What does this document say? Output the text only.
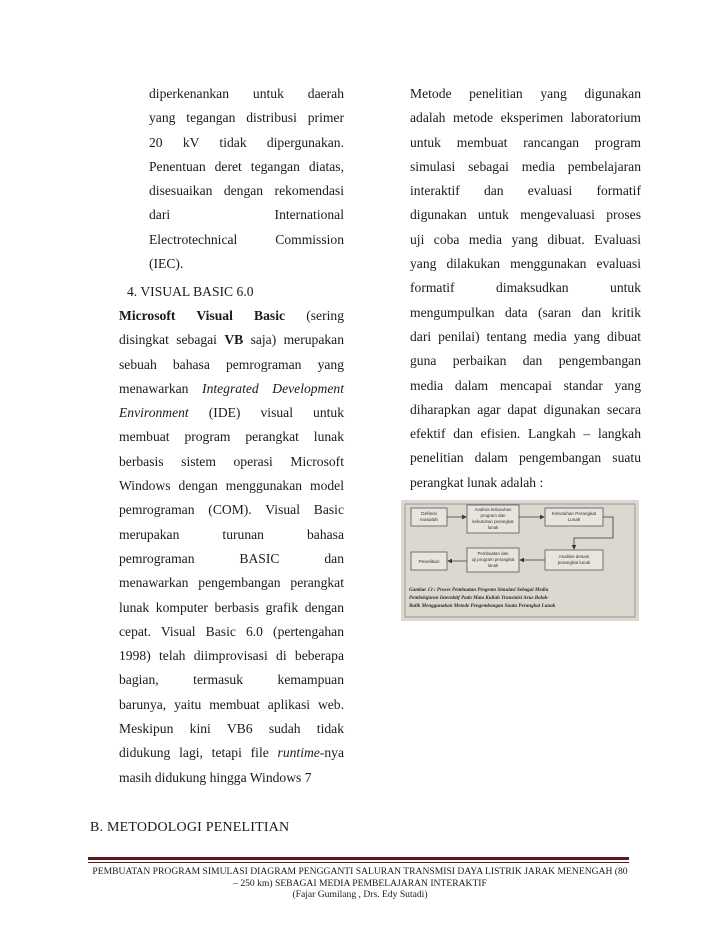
diperkenankan untuk daerah
yang tegangan distribusi primer
20 kV tidak dipergunakan.
Penentuan deret tegangan diatas,
disesuaikan dengan rekomendasi
dari International
Electrotechnical Commission
(IEC).
4. VISUAL BASIC 6.0
Microsoft Visual Basic (sering
disingkat sebagai VB saja) merupakan
sebuah bahasa pemrograman yang
menawarkan Integrated Development
Environment (IDE) visual untuk
membuat program perangkat lunak
berbasis sistem operasi Microsoft
Windows dengan menggunakan model
pemrograman (COM). Visual Basic
merupakan turunan bahasa
pemrograman BASIC dan
menawarkan pengembangan perangkat
lunak komputer berbasis grafik dengan
cepat. Visual Basic 6.0 (pertengahan
1998) telah diimprovisasi di beberapa
bagian, termasuk kemampuan
barunya, yaitu membuat aplikasi web.
Meskipun kini VB6 sudah tidak
didukung lagi, tetapi file runtime-nya
masih didukung hingga Windows 7
Metode penelitian yang digunakan
adalah metode eksperimen laboratorium
untuk membuat rancangan program
simulasi sebagai media pembelajaran
interaktif dan evaluasi formatif
digunakan untuk mengevaluasi proses
uji coba media yang dibuat. Evaluasi
yang dilakukan menggunakan evaluasi
formatif dimaksudkan untuk
mengumpulkan data (saran dan kritik
dari penilai) tentang media yang dibuat
guna perbaikan dan pengembangan
media dalam mencapai standar yang
diharapkan agar dapat digunakan secara
efektif dan efisien. Langkah – langkah
penelitian dalam pengembangan suatu
perangkat lunak adalah :
Definisi
masalah
Analisis kebutuhan
program dan
kebutuhan perangkat
lunak
Kebutuhan Perangkat
Lunak
Penelitian
Pembuatan dan
uji program perangkat
lunak
Analisis desain
perangkat lunak
Gambar 13 : Proses Pembuatan Program Simulasi Sebagai Media
Pembelajaran Interaktif Pada Mata Kuliah Transmisi Arus Bolak-
Balik Menggunakan Metode Pengembangan Suatu Perangkat Lunak
B. METODOLOGI PENELITIAN
PEMBUATAN PROGRAM SIMULASI DIAGRAM PENGGANTI SALURAN TRANSMISI DAYA LISTRIK JARAK MENENGAH (80
– 250 km) SEBAGAI MEDIA PEMBELAJARAN INTERAKTIF
(Fajar Gumilang , Drs. Edy Sutadi)
